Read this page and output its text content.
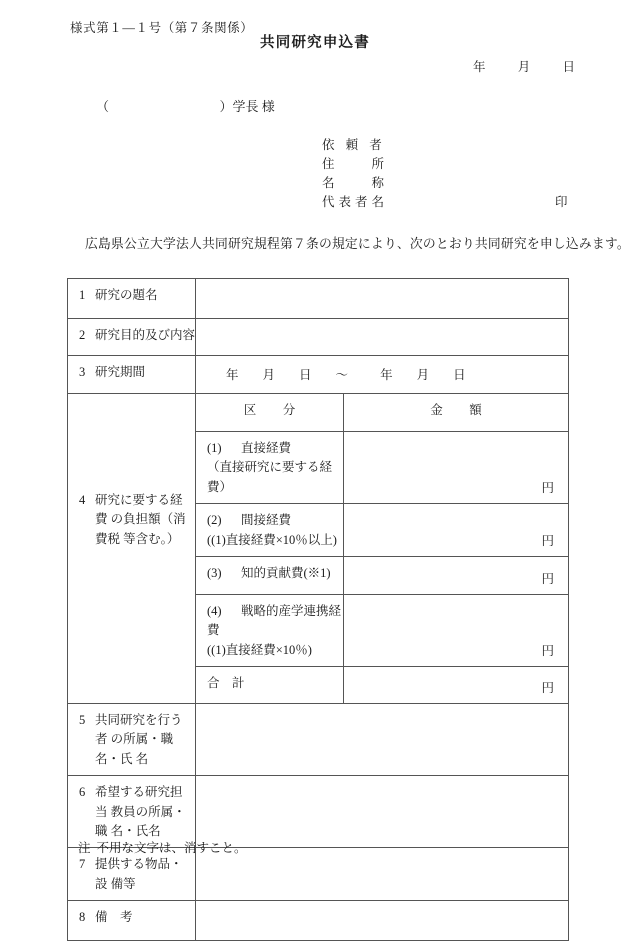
様式第１—１号（第７条関係）
共同研究申込書
年	月	日
（	）学長 様
依 頼 者
住　　所
名　　称
代表者名	印
広島県公立大学法人共同研究規程第７条の規定により、次のとおり共同研究を申し込みます。
1 研究の題名		

2 研究目的及び内容		

3 研究期間	年 月 日 ～ 年 月 日	

4 研究に要する経費 の負担額（消費税 等含む。）	区　分	金　額

	(1) 直接経費
（直接研究に要する経費）	円

	(2) 間接経費
((1)直接経費×10％以上)	円

	(3) 知的貢献費(※1)	円

	(4) 戦略的産学連携経費
((1)直接経費×10％)	円

	合　計	円

5 共同研究を行う者 の所属・職名・氏 名		

6 希望する研究担当 教員の所属・職 名・氏名		

7 提供する物品・設 備等		

8 備　考		

注 不用な文字は、消すこと。
